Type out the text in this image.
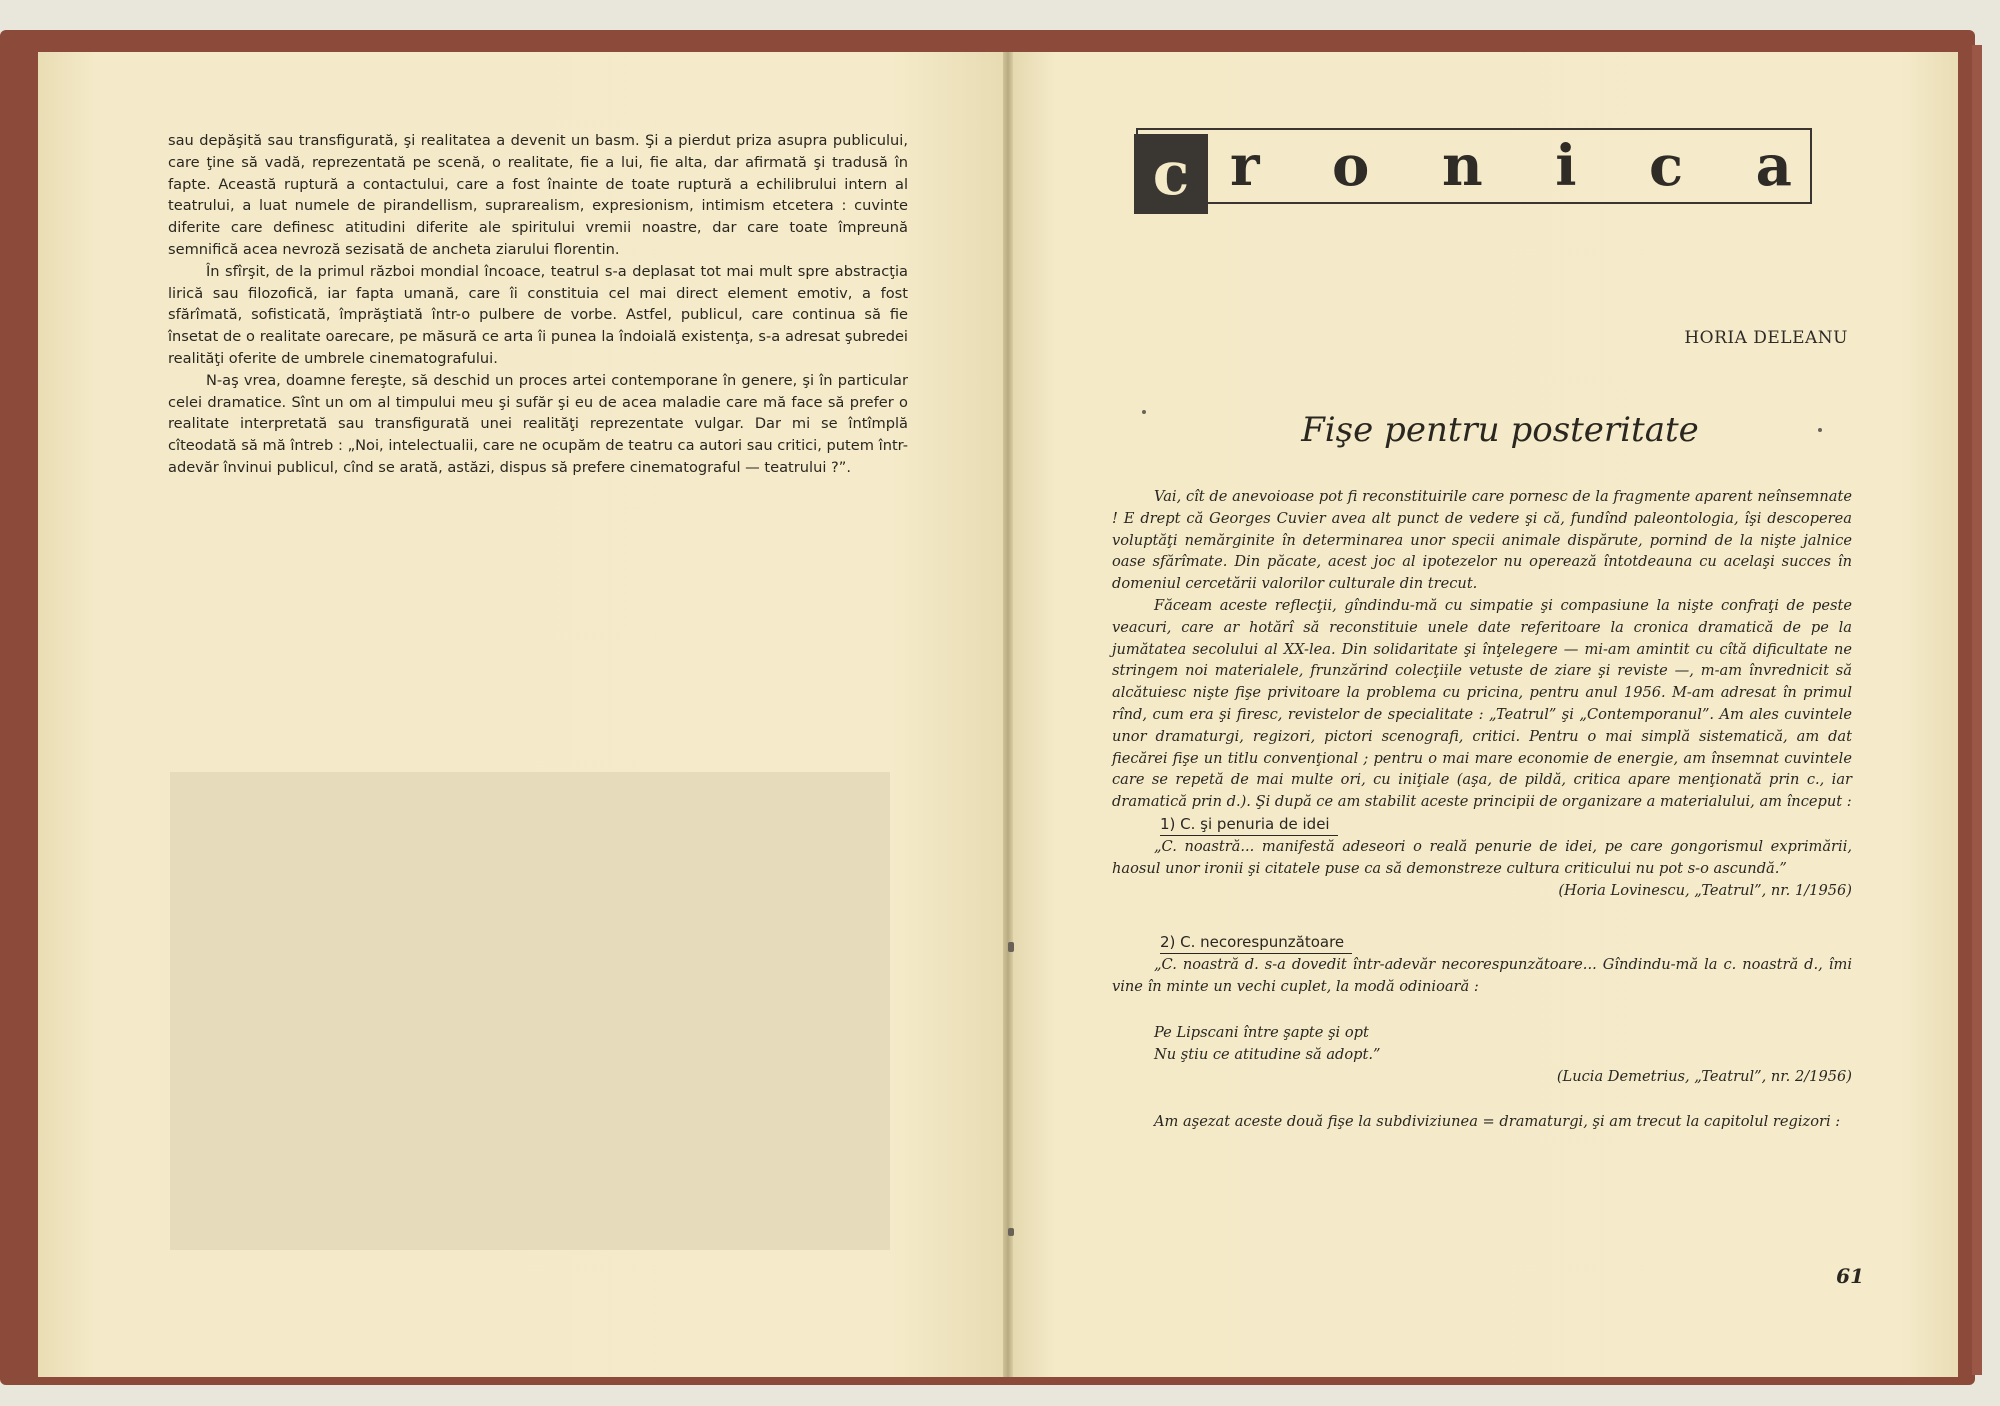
sau depăşită sau transfigurată, şi realitatea a devenit un basm. Şi a pierdut priza asupra publicului, care ţine să vadă, reprezentată pe scenă, o realitate, fie a lui, fie alta, dar afirmată şi tradusă în fapte. Această ruptură a contactului, care a fost înainte de toate ruptură a echilibrului intern al teatrului, a luat numele de pirandellism, suprarealism, expresionism, intimism etcetera : cuvinte diferite care definesc atitudini diferite ale spiritului vremii noastre, dar care toate împreună semnifică acea nevroză sezisată de ancheta ziarului florentin.

În sfîrşit, de la primul război mondial încoace, teatrul s-a deplasat tot mai mult spre abstracţia lirică sau filozofică, iar fapta umană, care îi constituia cel mai direct element emotiv, a fost sfărîmată, sofisticată, împrăştiată într-o pulbere de vorbe. Astfel, publicul, care continua să fie însetat de o realitate oarecare, pe măsură ce arta îi punea la îndoială existenţa, s-a adresat şubredei realităţi oferite de umbrele cinematografului.

N-aş vrea, doamne fereşte, să deschid un proces artei contemporane în genere, şi în particular celei dramatice. Sînt un om al timpului meu şi sufăr şi eu de acea maladie care mă face să prefer o realitate interpretată sau transfigurată unei realităţi reprezentate vulgar. Dar mi se întîmplă cîteodată să mă întreb : „Noi, intelectualii, care ne ocupăm de teatru ca autori sau critici, putem într-adevăr învinui publicul, cînd se arată, astăzi, dispus să prefere cinematograful — teatrului ?”.

c r o n i c a
HORIA DELEANU
Fişe pentru posteritate

Vai, cît de anevoioase pot fi reconstituirile care pornesc de la fragmente aparent neînsemnate ! E drept că Georges Cuvier avea alt punct de vedere şi că, fundînd paleontologia, îşi descoperea voluptăţi nemărginite în determinarea unor specii animale dispărute, pornind de la nişte jalnice oase sfărîmate. Din păcate, acest joc al ipotezelor nu operează întotdeauna cu acelaşi succes în domeniul cercetării valorilor culturale din trecut.

Făceam aceste reflecţii, gîndindu-mă cu simpatie şi compasiune la nişte confraţi de peste veacuri, care ar hotărî să reconstituie unele date referitoare la cronica dramatică de pe la jumătatea secolului al XX-lea. Din solidaritate şi înţelegere — mi-am amintit cu cîtă dificultate ne stringem noi materialele, frunzărind colecţiile vetuste de ziare şi reviste —, m-am învrednicit să alcătuiesc nişte fişe privitoare la problema cu pricina, pentru anul 1956. M-am adresat în primul rînd, cum era şi firesc, revistelor de specialitate : „Teatrul” şi „Contemporanul”. Am ales cuvintele unor dramaturgi, regizori, pictori scenografi, critici. Pentru o mai simplă sistematică, am dat fiecărei fişe un titlu convenţional ; pentru o mai mare economie de energie, am însemnat cuvintele care se repetă de mai multe ori, cu iniţiale (aşa, de pildă, critica apare menţionată prin c., iar dramatică prin d.). Şi după ce am stabilit aceste principii de organizare a materialului, am început :

1) C. şi penuria de idei

„C. noastră... manifestă adeseori o reală penurie de idei, pe care gongorismul exprimării, haosul unor ironii şi citatele puse ca să demonstreze cultura criticului nu pot s-o ascundă.”

(Horia Lovinescu, „Teatrul”, nr. 1/1956)

2) C. necorespunzătoare

„C. noastră d. s-a dovedit într-adevăr necorespunzătoare... Gîndindu-mă la c. noastră d., îmi vine în minte un vechi cuplet, la modă odinioară :

Pe Lipscani între şapte şi opt

Nu ştiu ce atitudine să adopt.”

(Lucia Demetrius, „Teatrul”, nr. 2/1956)

Am aşezat aceste două fişe la subdiviziunea = dramaturgi, şi am trecut la capitolul regizori :

61
